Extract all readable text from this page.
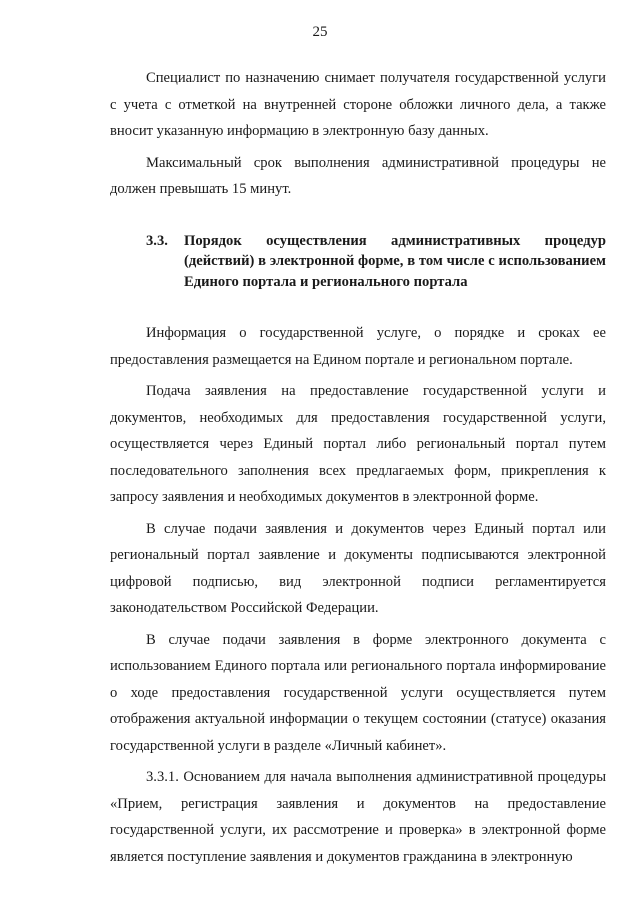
25

Специалист по назначению снимает получателя государственной услуги с учета с отметкой на внутренней стороне обложки личного дела, а также вносит указанную информацию в электронную базу данных.

Максимальный срок выполнения административной процедуры не должен превышать 15 минут.

3.3. Порядок осуществления административных процедур (действий) в электронной форме, в том числе с использованием Единого портала и регионального портала

Информация о государственной услуге, о порядке и сроках ее предоставления размещается на Едином портале и региональном портале.

Подача заявления на предоставление государственной услуги и документов, необходимых для предоставления государственной услуги, осуществляется через Единый портал либо региональный портал путем последовательного заполнения всех предлагаемых форм, прикрепления к запросу заявления и необходимых документов в электронной форме.

В случае подачи заявления и документов через Единый портал или региональный портал заявление и документы подписываются электронной цифровой подписью, вид электронной подписи регламентируется законодательством Российской Федерации.

В случае подачи заявления в форме электронного документа с использованием Единого портала или регионального портала информирование о ходе предоставления государственной услуги осуществляется путем отображения актуальной информации о текущем состоянии (статусе) оказания государственной услуги в разделе «Личный кабинет».

3.3.1. Основанием для начала выполнения административной процедуры «Прием, регистрация заявления и документов на предоставление государственной услуги, их рассмотрение и проверка» в электронной форме является поступление заявления и документов гражданина в электронную
